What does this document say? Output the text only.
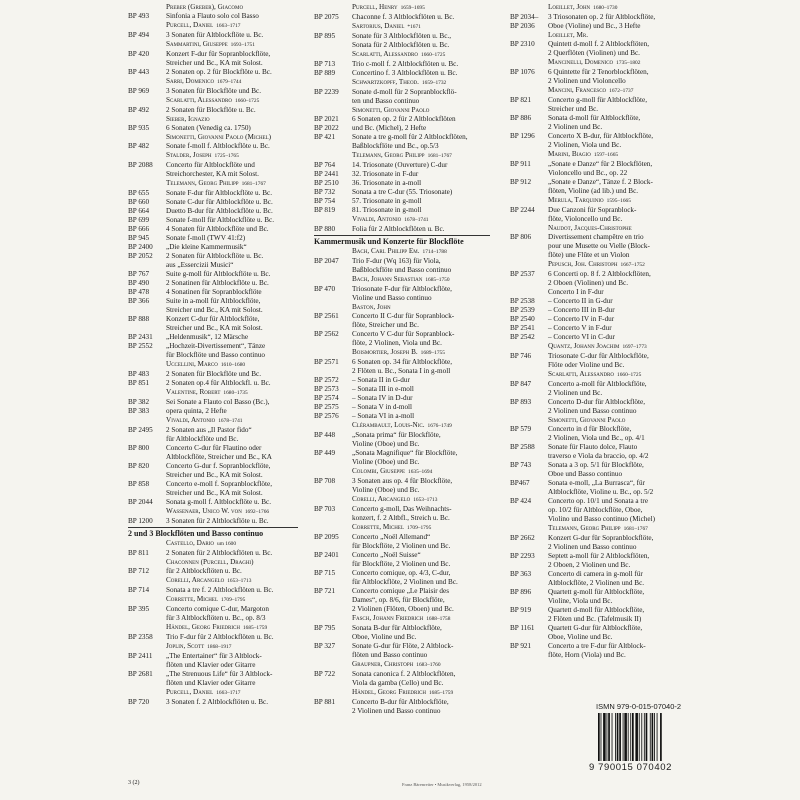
Preber (Greber), Giacomo
BP 493	Sinfonia a Flauto solo col Basso
Purcell, Daniel 1663–1717
BP 494	3 Sonaten für Altblockflöte u. Bc.
Sammartini, Giuseppe 1693–1751
BP 420	Konzert F-dur für Sopranblockflöte,
Streicher und Bc., KA mit Solost.
BP 443	2 Sonaten op. 2 für Blockflöte u. Bc.
Sarri, Domenico 1679–1744
BP 969	3 Sonaten für Blockflöte und Bc.
Scarlatti, Alessandro 1660–1725
BP 492	2 Sonaten für Blockflöte u. Bc.
Sieber, Ignazio
BP 935	6 Sonaten (Venedig ca. 1750)
Simonetti, Giovanni Paolo (Michel)
BP 482	Sonate f-moll f. Altblockflöte u. Bc.
Stalder, Joseph 1725–1765
BP 2088	Concerto für Altblockflöte und
Streichorchester, KA mit Solost.
Telemann, Georg Philipp 1681–1767
BP 655	Sonate F-dur für Altblockflöte u. Bc.
BP 660	Sonate C-dur für Altblockflöte u. Bc.
BP 664	Duetto B-dur für Altblockflöte u. Bc.
BP 699	Sonate f-moll für Altblockflöte u. Bc.
BP 666	4 Sonaten für Altblockflöte und Bc.
BP 945	Sonate f-moll (TWV 41:f2)
BP 2400	„Die kleine Kammermusik“
BP 2052	2 Sonaten für Altblockflöte u. Bc.
aus „Essercizii Musici“
BP 767	Suite g-moll für Altblockflöte u. Bc.
BP 490	2 Sonatinen für Altblockflöte u. Bc.
BP 478	4 Sonatinen für Sopranblockflöte
BP 366	Suite in a-moll für Altblockflöte,
Streicher und Bc., KA mit Solost.
BP 888	Konzert C-dur für Altblockflöte,
Streicher und Bc., KA mit Solost.
BP 2431	„Heldenmusik“, 12 Märsche
BP 2552	„Hochzeit-Divertissement“, Tänze
für Blockflöte und Basso continuo
Uccellini, Marco 1610–1680
BP 483	2 Sonaten für Blockflöte und Bc.
BP 851	2 Sonaten op.4 für Altblockfl. u. Bc.
Valentine, Robert 1680–1735
BP 382	Sei Sonate a Flauto col Basso (Bc.),
BP 383	opera quinta, 2 Hefte
Vivaldi, Antonio 1678–1741
BP 2495	2 Sonaten aus „Il Pastor fido“
für Altblockflöte und Bc.
BP 800	Concerto C-dur für Flautino oder
Altblockflöte, Streicher und Bc., KA
BP 820	Concerto G-dur f. Sopranblockflöte,
Streicher und Bc., KA mit Solost.
BP 858	Concerto e-moll f. Sopranblockflöte,
Streicher und Bc., KA mit Solost.
BP 2044	Sonata g-moll f. Altblockflöte u. Bc.
Wassenaer, Unico W. von 1692–1766
BP 1200	3 Sonaten für 2 Altblockflöte u. Bc.
2 und 3 Blockflöten und Basso continuo
Castello, Dario um 1600
BP 811	2 Sonaten für 2 Altblockflöten u. Bc.
Chaconnen (Purcell, Draghi)
BP 712	für 2 Altblockflöten u. Bc.
Corelli, Arcangelo 1653–1713
BP 714	Sonata a tre f. 2 Altblockflöten u. Bc.
Corrette, Michel 1709–1795
BP 395	Concerto comique C-dur, Margoton
für 3 Altblockflöten u. Bc., op. 8/3
Händel, Georg Friedrich 1685–1759
BP 2358	Trio F-dur für 2 Altblockflöten u. Bc.
Joplin, Scott 1868–1917
BP 2411	„The Entertainer“ für 3 Altblock-
flöten und Klavier oder Gitarre
BP 2681	„The Strenuous Life“ für 3 Altblock-
flöten und Klavier oder Gitarre
Purcell, Daniel 1663–1717
BP 720	3 Sonaten f. 2 Altblockflöten u. Bc.
Purcell, Henry 1659–1695
BP 2075	Chaconne f. 3 Altblockflöten u. Bc.
Sartorius, Daniel *1671
BP 895	Sonate für 3 Altblockflöten u. Bc.,
Sonata für 2 Altblockflöten u. Bc.
Scarlatti, Alessandro 1660–1725
BP 713	Trio c-moll f. 2 Altblockflöten u. Bc.
BP 889	Concertino f. 3 Altblockflöten u. Bc.
Schwartzkopff, Theod. 1659–1732
BP 2239	Sonate d-moll für 2 Sopranblockflö-
ten und Basso continuo
Simonetti, Giovanni Paolo
BP 2021	6 Sonaten op. 2 für 2 Altblockflöten
BP 2022	und Bc. (Michel), 2 Hefte
BP 421	Sonate a tre g-moll für 2 Altblockflöten,
Baßblockflöte und Bc., op.5/3
Telemann, Georg Philipp 1681–1767
BP 764	14. Triosonate (Ouverture) C-dur
BP 2441	32. Triosonate in F-dur
BP 2510	36. Triosonate in a-moll
BP 732	Sonata a tre C-dur (55. Triosonate)
BP 754	57. Triosonate in g-moll
BP 819	81. Triosonate in g-moll
Vivaldi, Antonio 1678–1741
BP 880	Folia für 2 Altblockflöten u. Bc.
Kammermusik und Konzerte für Blockflöte
Bach, Carl Philipp Em. 1714–1788
BP 2047	Trio F-dur (Wq 163) für Viola,
Baßblockflöte und Basso continuo
Bach, Johann Sebastian 1685–1750
BP 470	Triosonate F-dur für Altblockflöte,
Violine und Basso continuo
Baston, John
BP 2561	Concerto II C-dur für Sopranblock-
flöte, Streicher und Bc.
BP 2562	Concerto V C-dur für Sopranblock-
flöte, 2 Violinen, Viola und Bc.
Boismortier, Joseph B. 1689–1755
BP 2571	6 Sonaten op. 34 für Altblockflöte,
2 Flöten u. Bc., Sonata I in g-moll
BP 2572	– Sonata II in G-dur
BP 2573	– Sonata III in e-moll
BP 2574	– Sonata IV in D-dur
BP 2575	– Sonata V in d-moll
BP 2576	– Sonata VI in a-moll
Clérambault, Louis-Nic. 1676–1749
BP 448	„Sonata prima“ für Blockflöte,
Violine (Oboe) und Bc.
BP 449	„Sonata Magnifique“ für Blockflöte,
Violine (Oboe) und Bc.
Colombi, Giuseppe 1635–1694
BP 708	3 Sonaten aus op. 4 für Blockflöte,
Violine (Oboe) und Bc.
Corelli, Arcangelo 1653–1713
BP 703	Concerto g-moll, Das Weihnachts-
konzert, f. 2 Altbfl., Streich u. Bc.
Corrette, Michel 1709–1795
BP 2095	Concerto „Noël Allemand“
für Blockflöte, 2 Violinen und Bc.
BP 2401	Concerto „Noël Suisse“
für Blockflöte, 2 Violinen und Bc.
BP 715	Concerto comique, op. 4/3, C-dur,
für Altblockflöte, 2 Violinen und Bc.
BP 721	Concerto comique „Le Plaisir des
Dames“, op. 8/6, für Blockflöte,
2 Violinen (Flöten, Oboen) und Bc.
Fasch, Johann Friedrich 1688–1758
BP 795	Sonata B-dur für Altblockflöte,
Oboe, Violine und Bc.
BP 327	Sonate G-dur für Flöte, 2 Altblock-
flöten und Basso continuo
Graupner, Christoph 1683–1760
BP 722	Sonata canonica f. 2 Altblockflöten,
Viola da gamba (Cello) und Bc.
Händel, Georg Friedrich 1685–1759
BP 881	Concerto B-dur für Altblockflöte,
2 Violinen und Basso continuo
Loeillet, John 1680–1730
BP 2034–	3 Triosonaten op. 2 für Altblockflöte,
BP 2036	Oboe (Violine) und Bc., 3 Hefte
Loeillet, Mr.
BP 2310	Quintett d-moll f. 2 Altblockflöten,
2 Querflöten (Violinen) und Bc.
Mancinelli, Domenico 1735–1802
BP 1076	6 Quintette für 2 Tenorblockflöten,
2 Violinen und Violoncello
Mancini, Francesco 1672–1737
BP 821	Concerto g-moll für Altblockflöte,
Streicher und Bc.
BP 886	Sonata d-moll für Altblockflöte,
2 Violinen und Bc.
BP 1296	Concerto X B-dur, für Altblockflöte,
2 Violinen, Viola und Bc.
Marini, Biagio 1597–1665
BP 911	„Sonate e Danze“ für 2 Blockflöten,
Violoncello und Bc., op. 22
BP 912	„Sonate e Danze“, Tänze f. 2 Block-
flöten, Violine (ad lib.) und Bc.
Merula, Tarquinio 1595–1665
BP 2244	Due Canzoni für Sopranblock-
flöte, Violoncello und Bc.
Naudot, Jacques-Christophe
BP 806	Divertissement champêtre en trio
pour une Musette ou Vielle (Block-
flöte) une Flûte et un Violon
Pepusch, Joh. Christoph 1667–1752
BP 2537	6 Concerti op. 8 f. 2 Altblockflöten,
2 Oboen (Violinen) und Bc.
Concerto I in F-dur
BP 2538	– Concerto II in G-dur
BP 2539	– Concerto III in B-dur
BP 2540	– Concerto IV in F-dur
BP 2541	– Concerto V in F-dur
BP 2542	– Concerto VI in C-dur
Quantz, Johann Joachim 1697–1773
BP 746	Triosonate C-dur für Altblockflöte,
Flöte oder Violine und Bc.
Scarlatti, Alessandro 1660–1725
BP 847	Concerto a-moll für Altblockflöte,
2 Violinen und Bc.
BP 893	Concerto D-dur für Altblockflöte,
2 Violinen und Basso continuo
Simonetti, Giovanni Paolo
BP 579	Concerto in d für Blockflöte,
2 Violinen, Viola und Bc., op. 4/1
BP 2588	Sonate für Flauto dolce, Flauto
traverso e Viola da braccio, op. 4/2
BP 743	Sonata a 3 op. 5/1 für Blockflöte,
Oboe und Basso continuo
BP467	Sonata e-moll, „La Burrasca“, für
Altblockflöte, Violine u. Bc., op. 5/2
BP 424	Concerto op. 10/1 und Sonata a tre
op. 10/2 für Altblockflöte, Oboe,
Violino und Basso continuo (Michel)
Telemann, Georg Philipp 1681–1767
BP 2662	Konzert G-dur für Sopranblockflöte,
2 Violinen und Basso continuo
BP 2293	Septett a-moll für 2 Altblockflöten,
2 Oboen, 2 Violinen und Bc.
BP 363	Concerto di camera in g-moll für
Altblockflöte, 2 Violinen und Bc.
BP 896	Quartett g-moll für Altblockflöte,
Violine, Viola und Bc.
BP 919	Quartett d-moll für Altblockflöte,
2 Flöten und Bc. (Tafelmusik II)
BP 1161	Quartett G-dur für Altblockflöte,
Oboe, Violine und Bc.
BP 921	Concerto a tre F-dur für Altblock-
flöte, Horn (Viola) und Bc.
3 (2)	Franz Bärenreiter • Musikverlag, 1958/2012
ISMN 979-0-015-07040-2
9 790015 070402
